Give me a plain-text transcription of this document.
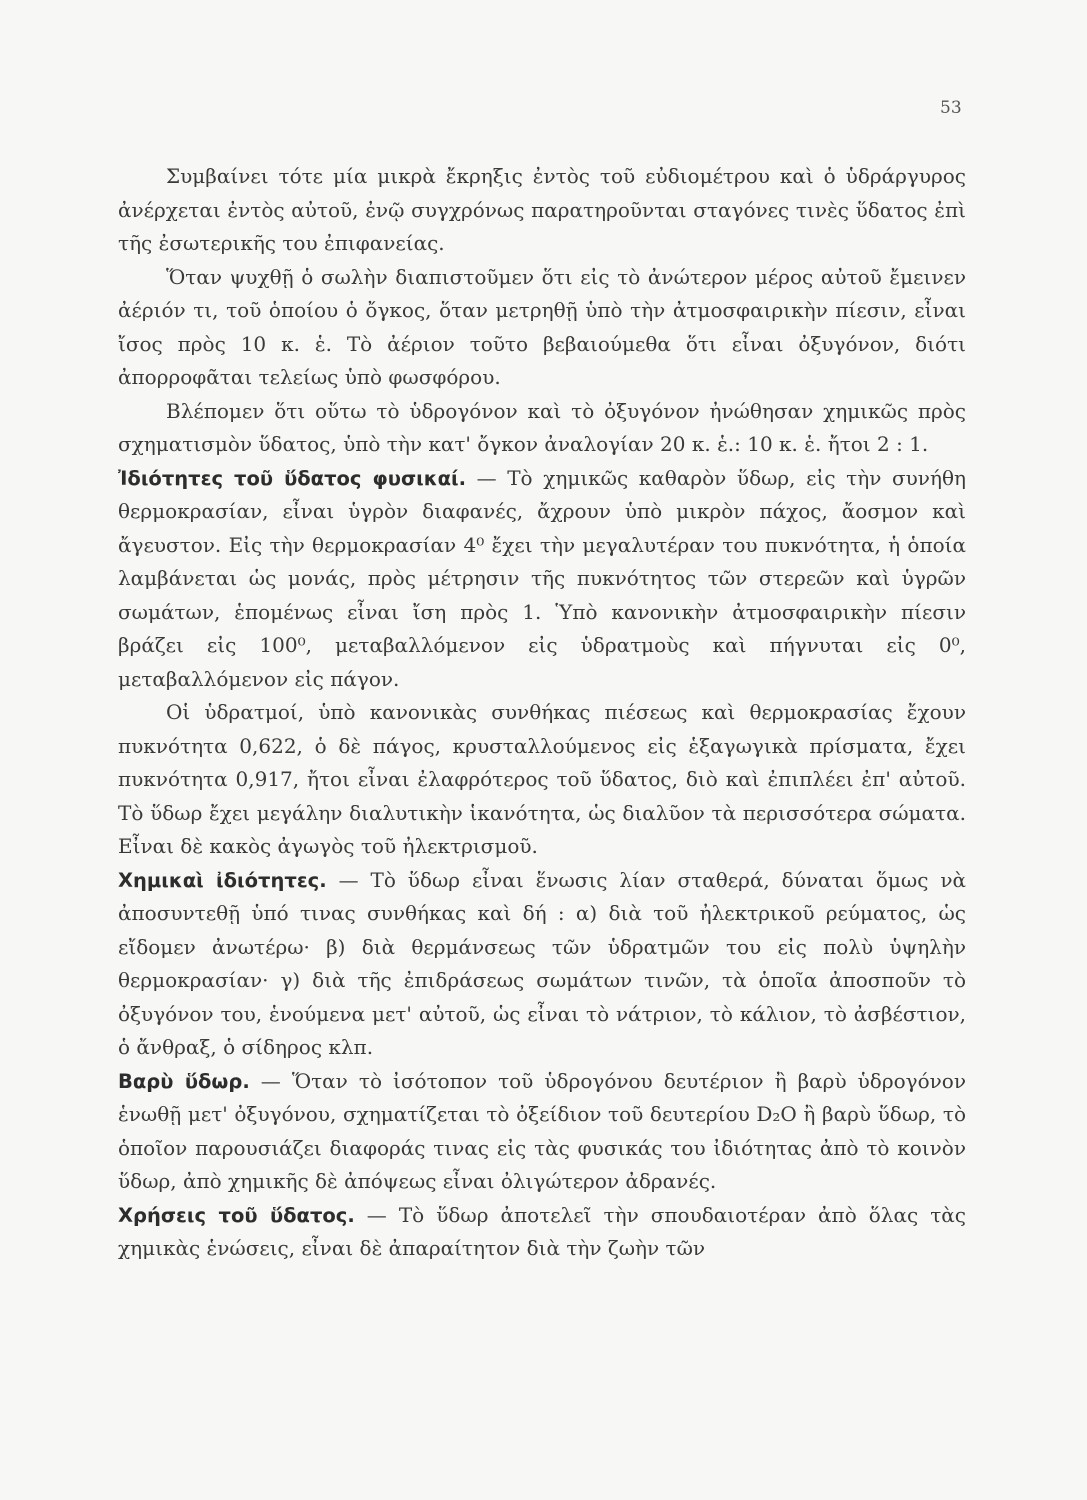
53

Συμβαίνει τότε μία μικρὰ ἔκρηξις ἐντὸς τοῦ εὐδιομέτρου καὶ ὁ ὑδράργυρος ἀνέρχεται ἐντὸς αὐτοῦ, ἐνῷ συγχρόνως παρατηροῦνται σταγόνες τινὲς ὕδατος ἐπὶ τῆς ἐσωτερικῆς του ἐπιφανείας.

Ὅταν ψυχθῇ ὁ σωλὴν διαπιστοῦμεν ὅτι εἰς τὸ ἀνώτερον μέρος αὐτοῦ ἔμεινεν ἀέριόν τι, τοῦ ὁποίου ὁ ὄγκος, ὅταν μετρηθῇ ὑπὸ τὴν ἀτμοσφαιρικὴν πίεσιν, εἶναι ἴσος πρὸς 10 κ. ἑ. Τὸ ἀέριον τοῦτο βεβαιούμεθα ὅτι εἶναι ὀξυγόνον, διότι ἀπορροφᾶται τελείως ὑπὸ φωσφόρου.

Βλέπομεν ὅτι οὕτω τὸ ὑδρογόνον καὶ τὸ ὀξυγόνον ἠνώθησαν χημικῶς πρὸς σχηματισμὸν ὕδατος, ὑπὸ τὴν κατ' ὄγκον ἀναλογίαν 20 κ. ἑ.: 10 κ. ἑ. ἤτοι 2 : 1.

Ἰδιότητες τοῦ ὕδατος φυσικαί. — Τὸ χημικῶς καθαρὸν ὕδωρ, εἰς τὴν συνήθη θερμοκρασίαν, εἶναι ὑγρὸν διαφανές, ἄχρουν ὑπὸ μικρὸν πάχος, ἄοσμον καὶ ἄγευστον. Εἰς τὴν θερμοκρασίαν 4⁰ ἔχει τὴν μεγαλυτέραν του πυκνότητα, ἡ ὁποία λαμβάνεται ὡς μονάς, πρὸς μέτρησιν τῆς πυκνότητος τῶν στερεῶν καὶ ὑγρῶν σωμάτων, ἑπομένως εἶναι ἴση πρὸς 1. Ὑπὸ κανονικὴν ἀτμοσφαιρικὴν πίεσιν βράζει εἰς 100⁰, μεταβαλλόμενον εἰς ὑδρατμοὺς καὶ πήγνυται εἰς 0⁰, μεταβαλλόμενον εἰς πάγον.

Οἱ ὑδρατμοί, ὑπὸ κανονικὰς συνθήκας πιέσεως καὶ θερμοκρασίας ἔχουν πυκνότητα 0,622, ὁ δὲ πάγος, κρυσταλλούμενος εἰς ἑξαγωγικὰ πρίσματα, ἔχει πυκνότητα 0,917, ἤτοι εἶναι ἐλαφρότερος τοῦ ὕδατος, διὸ καὶ ἐπιπλέει ἐπ' αὐτοῦ. Τὸ ὕδωρ ἔχει μεγάλην διαλυτικὴν ἱκανότητα, ὡς διαλῦον τὰ περισσότερα σώματα. Εἶναι δὲ κακὸς ἀγωγὸς τοῦ ἠλεκτρισμοῦ.

Χημικαὶ ἰδιότητες. — Τὸ ὕδωρ εἶναι ἕνωσις λίαν σταθερά, δύναται ὅμως νὰ ἀποσυντεθῇ ὑπό τινας συνθήκας καὶ δή : α) διὰ τοῦ ἠλεκτρικοῦ ρεύματος, ὡς εἴδομεν ἀνωτέρω· β) διὰ θερμάνσεως τῶν ὑδρατμῶν του εἰς πολὺ ὑψηλὴν θερμοκρασίαν· γ) διὰ τῆς ἐπιδράσεως σωμάτων τινῶν, τὰ ὁποῖα ἀποσποῦν τὸ ὀξυγόνον του, ἑνούμενα μετ' αὐτοῦ, ὡς εἶναι τὸ νάτριον, τὸ κάλιον, τὸ ἀσβέστιον, ὁ ἄνθραξ, ὁ σίδηρος κλπ.

Βαρὺ ὕδωρ. — Ὅταν τὸ ἰσότοπον τοῦ ὑδρογόνου δευτέριον ἢ βαρὺ ὑδρογόνον ἑνωθῇ μετ' ὀξυγόνου, σχηματίζεται τὸ ὀξείδιον τοῦ δευτερίου D₂O ἢ βαρὺ ὕδωρ, τὸ ὁποῖον παρουσιάζει διαφοράς τινας εἰς τὰς φυσικάς του ἰδιότητας ἀπὸ τὸ κοινὸν ὕδωρ, ἀπὸ χημικῆς δὲ ἀπόψεως εἶναι ὀλιγώτερον ἀδρανές.

Χρήσεις τοῦ ὕδατος. — Τὸ ὕδωρ ἀποτελεῖ τὴν σπουδαιοτέραν ἀπὸ ὅλας τὰς χημικὰς ἑνώσεις, εἶναι δὲ ἀπαραίτητον διὰ τὴν ζωὴν τῶν
